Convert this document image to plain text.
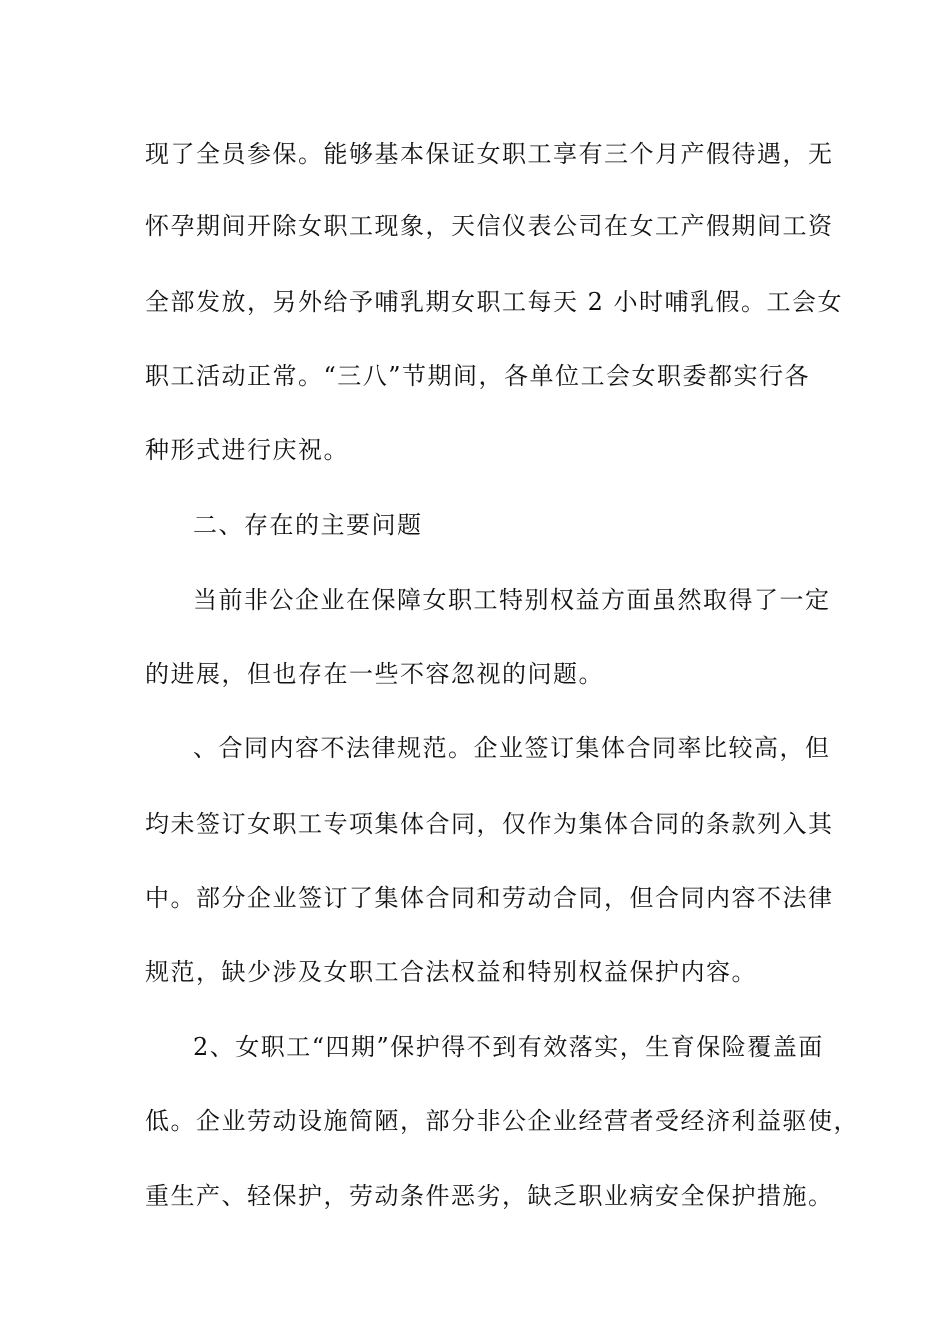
现了全员参保。能够基本保证女职工享有三个月产假待遇，无
怀孕期间开除女职工现象，天信仪表公司在女工产假期间工资
全部发放，另外给予哺乳期女职工每天 2 小时哺乳假。工会女
职工活动正常。“三八”节期间，各单位工会女职委都实行各
种形式进行庆祝。
二、存在的主要问题
当前非公企业在保障女职工特别权益方面虽然取得了一定
的进展，但也存在一些不容忽视的问题。
、合同内容不法律规范。企业签订集体合同率比较高，但
均未签订女职工专项集体合同，仅作为集体合同的条款列入其
中。部分企业签订了集体合同和劳动合同，但合同内容不法律
规范，缺少涉及女职工合法权益和特别权益保护内容。
2、女职工“四期”保护得不到有效落实，生育保险覆盖面
低。企业劳动设施简陋，部分非公企业经营者受经济利益驱使，
重生产、轻保护，劳动条件恶劣，缺乏职业病安全保护措施。
